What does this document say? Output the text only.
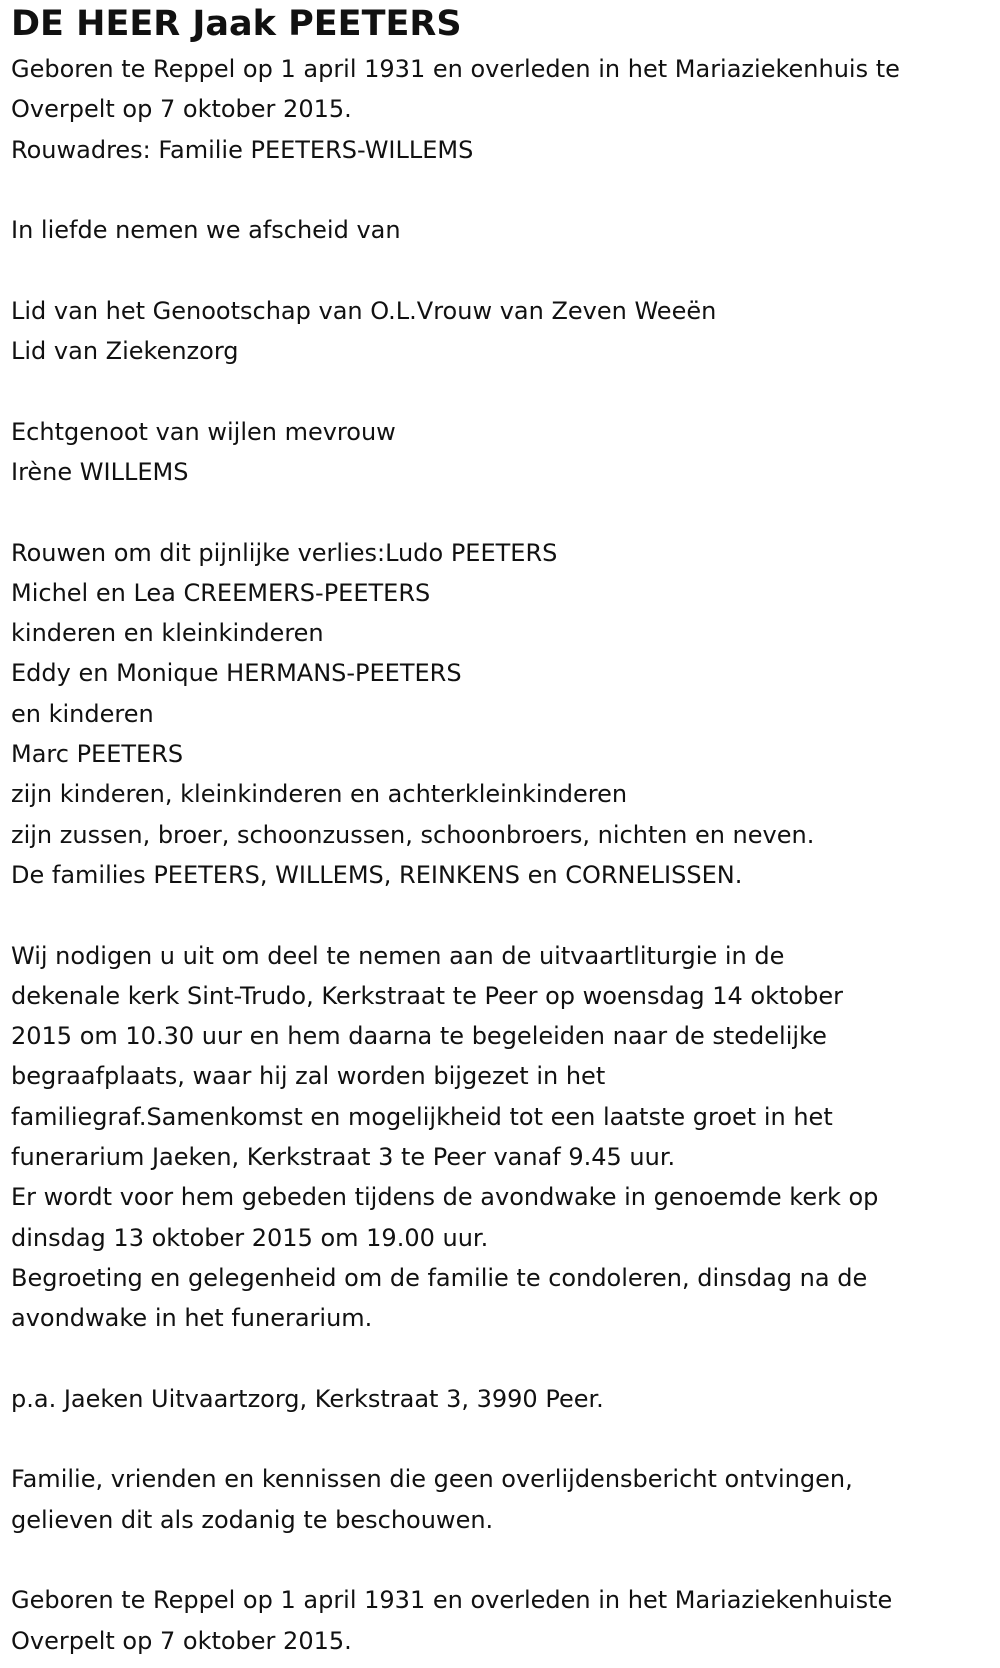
DE HEER Jaak PEETERS
Geboren te Reppel op 1 april 1931 en overleden in het Mariaziekenhuis te
Overpelt op 7 oktober 2015.
Rouwadres: Familie PEETERS-WILLEMS
In liefde nemen we afscheid van
Lid van het Genootschap van O.L.Vrouw van Zeven Weeën
Lid van Ziekenzorg
Echtgenoot van wijlen mevrouw
Irène WILLEMS
Rouwen om dit pijnlijke verlies:Ludo PEETERS
Michel en Lea CREEMERS-PEETERS
kinderen en kleinkinderen
Eddy en Monique HERMANS-PEETERS
en kinderen
Marc PEETERS
zijn kinderen, kleinkinderen en achterkleinkinderen
zijn zussen, broer, schoonzussen, schoonbroers, nichten en neven.
De families PEETERS, WILLEMS, REINKENS en CORNELISSEN.
Wij nodigen u uit om deel te nemen aan de uitvaartliturgie in de
dekenale kerk Sint-Trudo, Kerkstraat te Peer op woensdag 14 oktober
2015 om 10.30 uur en hem daarna te begeleiden naar de stedelijke
begraafplaats, waar hij zal worden bijgezet in het
familiegraf.Samenkomst en mogelijkheid tot een laatste groet in het
funerarium Jaeken, Kerkstraat 3 te Peer vanaf 9.45 uur.
Er wordt voor hem gebeden tijdens de avondwake in genoemde kerk op
dinsdag 13 oktober 2015 om 19.00 uur.
Begroeting en gelegenheid om de familie te condoleren, dinsdag na de
avondwake in het funerarium.
p.a. Jaeken Uitvaartzorg, Kerkstraat 3, 3990 Peer.
Familie, vrienden en kennissen die geen overlijdensbericht ontvingen,
gelieven dit als zodanig te beschouwen.
Geboren te Reppel op 1 april 1931 en overleden in het Mariaziekenhuiste
Overpelt op 7 oktober 2015.
